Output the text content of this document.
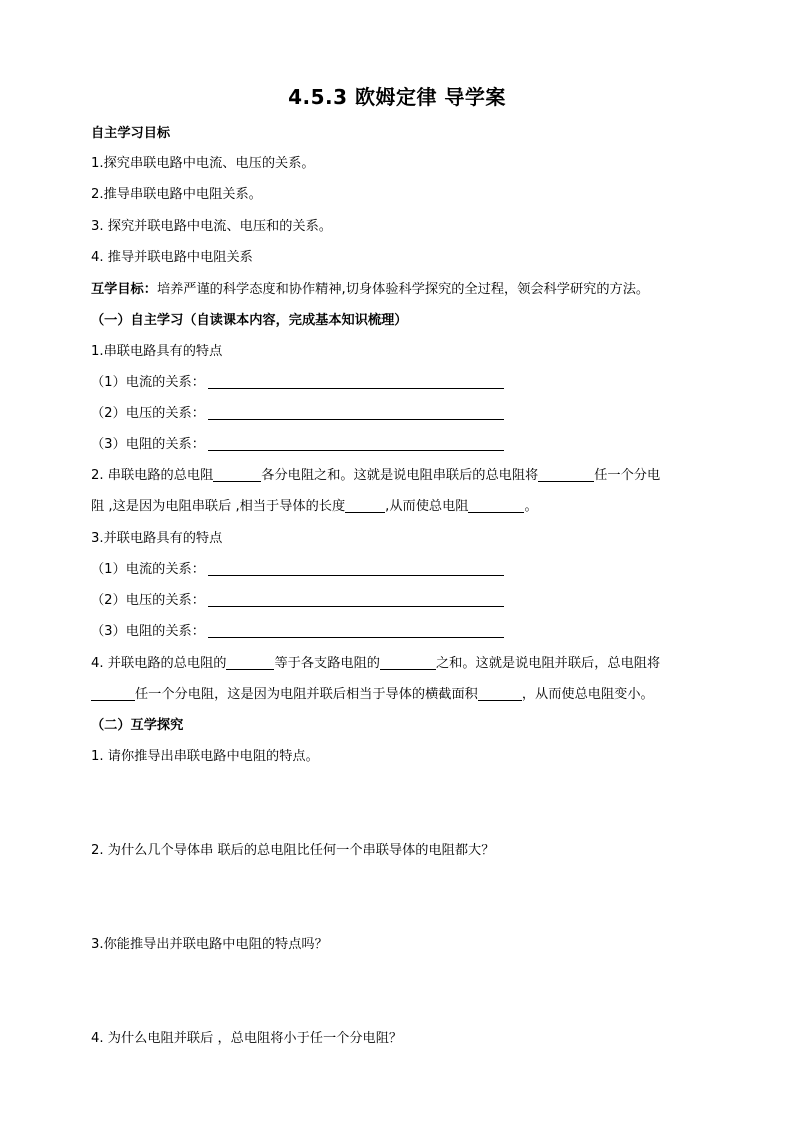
4.5.3 欧姆定律 导学案
自主学习目标
1.探究串联电路中电流、电压的关系。
2.推导串联电路中电阻关系。
3. 探究并联电路中电流、电压和的关系。
4. 推导并联电路中电阻关系
互学目标：培养严谨的科学态度和协作精神,切身体验科学探究的全过程，领会科学研究的方法。
（一）自主学习（自读课本内容，完成基本知识梳理）
1.串联电路具有的特点
（1）电流的关系：
（2）电压的关系：
（3）电阻的关系：
2. 串联电路的总电阻	各分电阻之和。这就是说电阻串联后的总电阻将	任一个分电
阻 ,这是因为电阻串联后 ,相当于导体的长度	,从而使总电阻	。
3.并联电路具有的特点
（1）电流的关系：
（2）电压的关系：
（3）电阻的关系：
4. 并联电路的总电阻的	等于各支路电阻的	之和。这就是说电阻并联后，总电阻将
任一个分电阻，这是因为电阻并联后相当于导体的横截面积	，从而使总电阻变小。
（二）互学探究
1. 请你推导出串联电路中电阻的特点。
2. 为什么几个导体串 联后的总电阻比任何一个串联导体的电阻都大？
3.你能推导出并联电路中电阻的特点吗？
4. 为什么电阻并联后 ，总电阻将小于任一个分电阻？
